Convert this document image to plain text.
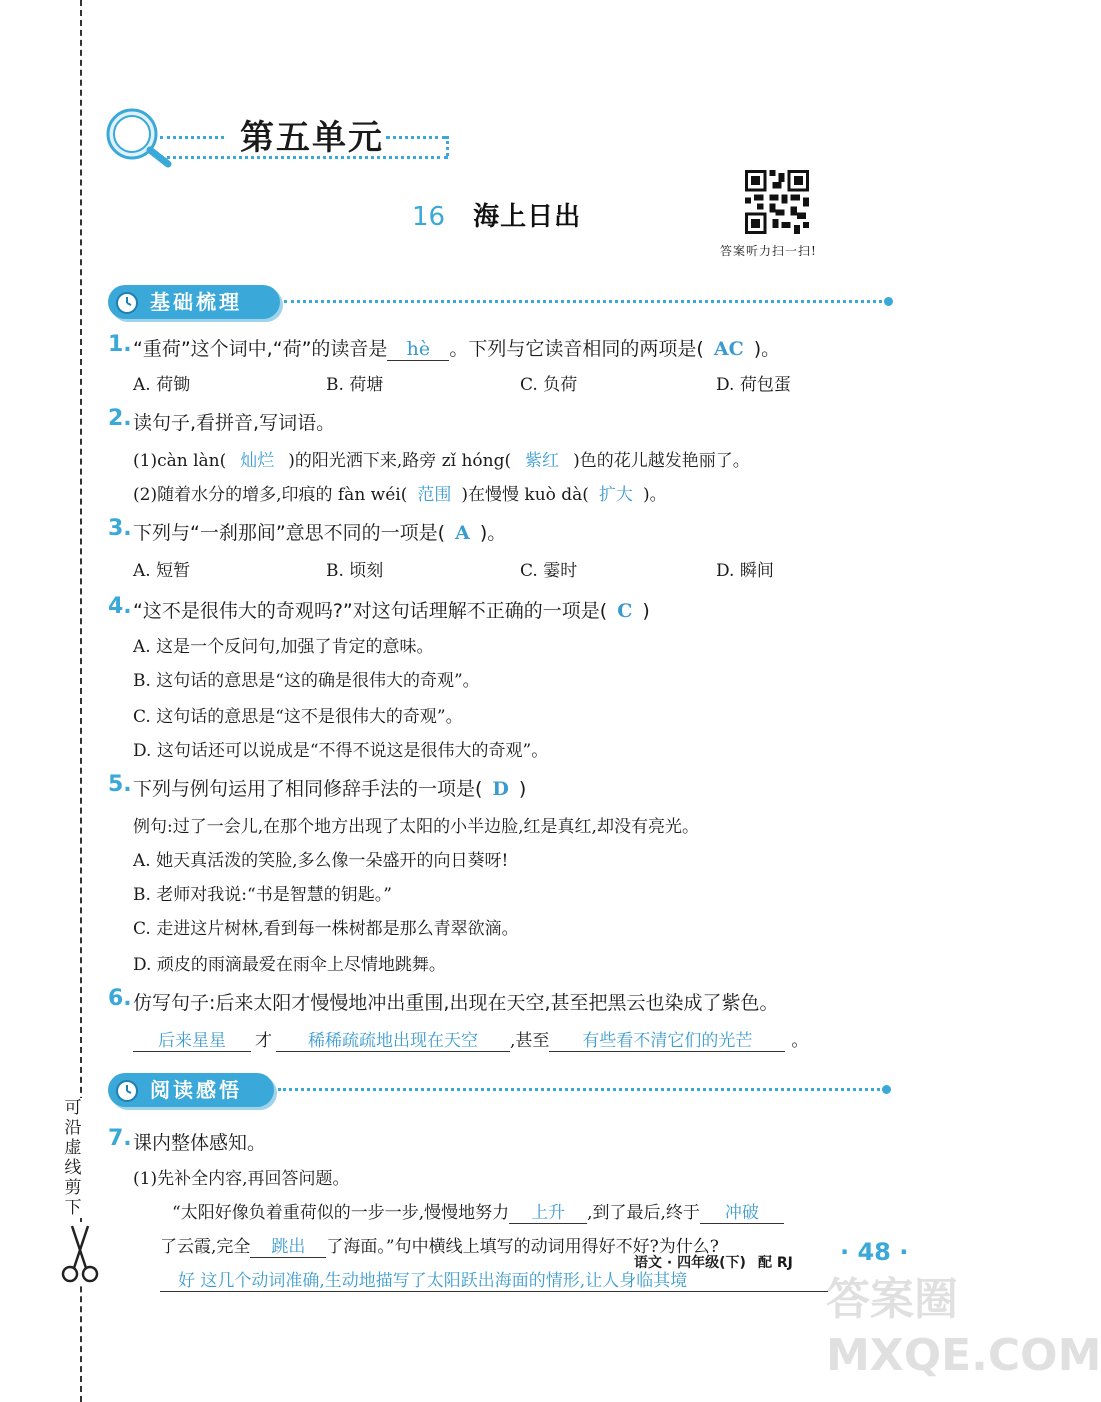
可沿虚线剪下
第五单元
16 海上日出
答案听力扫一扫!
基础梳理
1. “重荷”这个词中,“荷”的读音是 hè 。下列与它读音相同的两项是( AC )。
A. 荷锄	B. 荷塘	C. 负荷	D. 荷包蛋
2. 读句子,看拼音,写词语。
(1)càn làn( 灿烂 )的阳光洒下来,路旁 zǐ hóng( 紫红 )色的花儿越发艳丽了。
(2)随着水分的增多,印痕的 fàn wéi( 范围 )在慢慢 kuò dà( 扩大 )。
3. 下列与“一刹那间”意思不同的一项是( A )。
A. 短暂	B. 顷刻	C. 霎时	D. 瞬间
4. “这不是很伟大的奇观吗?”对这句话理解不正确的一项是( C )
A. 这是一个反问句,加强了肯定的意味。
B. 这句话的意思是“这的确是很伟大的奇观”。
C. 这句话的意思是“这不是很伟大的奇观”。
D. 这句话还可以说成是“不得不说这是很伟大的奇观”。
5. 下列与例句运用了相同修辞手法的一项是( D )
例句:过了一会儿,在那个地方出现了太阳的小半边脸,红是真红,却没有亮光。
A. 她天真活泼的笑脸,多么像一朵盛开的向日葵呀!
B. 老师对我说:“书是智慧的钥匙。”
C. 走进这片树林,看到每一株树都是那么青翠欲滴。
D. 顽皮的雨滴最爱在雨伞上尽情地跳舞。
6. 仿写句子:后来太阳才慢慢地冲出重围,出现在天空,甚至把黑云也染成了紫色。
后来星星 才 稀稀疏疏地出现在天空 ,甚至 有些看不清它们的光芒 。
阅读感悟
7. 课内整体感知。
(1)先补全内容,再回答问题。
“太阳好像负着重荷似的一步一步,慢慢地努力 上升 ,到了最后,终于 冲破
了云霞,完全 跳出 了海面。”句中横线上填写的动词用得好不好?为什么?
好 这几个动词准确,生动地描写了太阳跃出海面的情形,让人身临其境
语文 · 四年级(下) 配 RJ · 48 ·
答案圈 MXQE.COM
